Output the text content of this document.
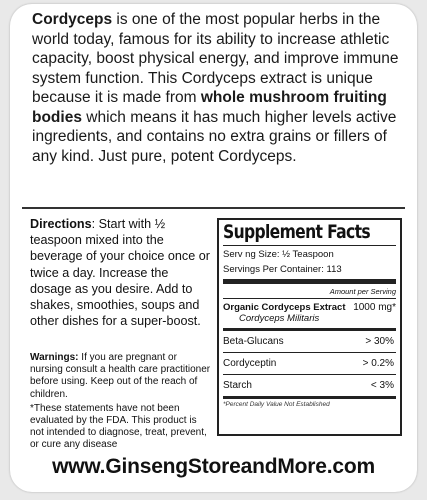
Cordyceps is one of the most popular herbs in the world today, famous for its ability to increase athletic capacity, boost physical energy, and improve immune system function. This Cordyceps extract is unique because it is made from whole mushroom fruiting bodies which means it has much higher levels active ingredients, and contains no extra grains or fillers of any kind. Just pure, potent Cordyceps.

Directions: Start with ½ teaspoon mixed into the beverage of your choice once or twice a day. Increase the dosage as you desire. Add to shakes, smoothies, soups and other dishes for a super-boost.

Warnings: If you are pregnant or nursing consult a health care practitioner before using. Keep out of the reach of children.

*These statements have not been evaluated by the FDA. This product is not intended to diagnose, treat, prevent, or cure any disease

Supplement Facts
Serv ng Size: ½ Teaspoon
Servings Per Container: 113
Amount per Serving
Organic Cordyceps Extract 1000 mg*
Cordyceps Militaris
Beta-Glucans	> 30%
Cordyceptin	> 0.2%
Starch	< 3%
*Percent Daily Value Not Established
www.GinsengStoreandMore.com
